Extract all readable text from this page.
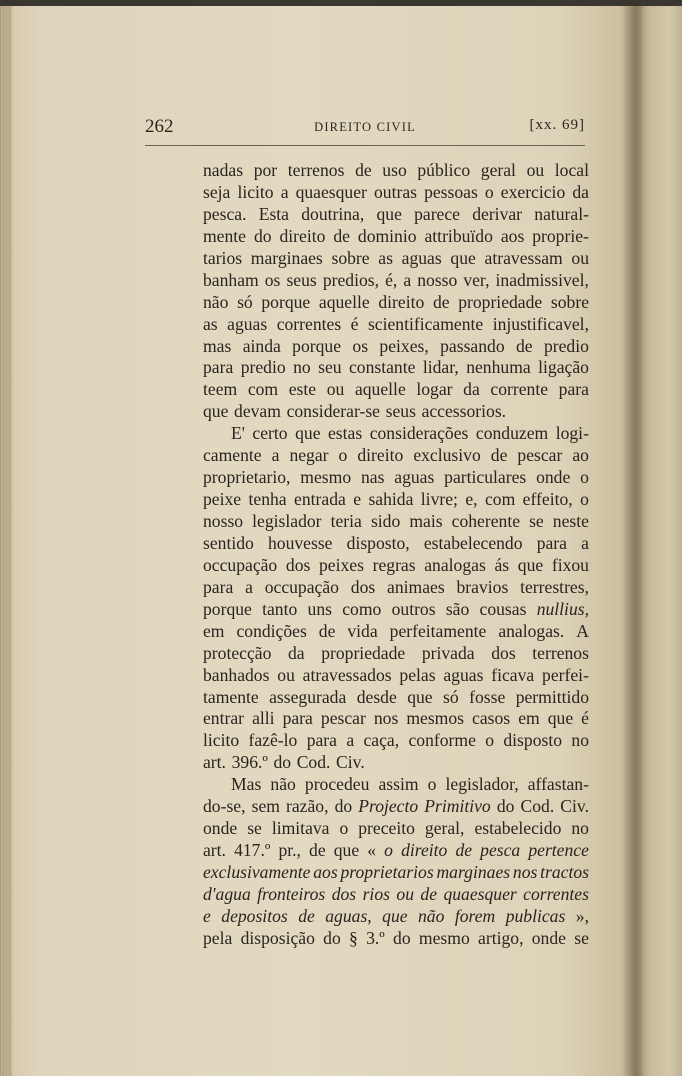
262	DIREITO CIVIL	[xx. 69]
nadas por terrenos de uso público geral ou local
seja licito a quaesquer outras pessoas o exercicio da
pesca. Esta doutrina, que parece derivar natural-
mente do direito de dominio attribuïdo aos proprie-
tarios marginaes sobre as aguas que atravessam ou
banham os seus predios, é, a nosso ver, inadmissivel,
não só porque aquelle direito de propriedade sobre
as aguas correntes é scientificamente injustificavel,
mas ainda porque os peixes, passando de predio
para predio no seu constante lidar, nenhuma ligação
teem com este ou aquelle logar da corrente para
que devam considerar-se seus accessorios.
E' certo que estas considerações conduzem logi-
camente a negar o direito exclusivo de pescar ao
proprietario, mesmo nas aguas particulares onde o
peixe tenha entrada e sahida livre; e, com effeito, o
nosso legislador teria sido mais coherente se neste
sentido houvesse disposto, estabelecendo para a
occupação dos peixes regras analogas ás que fixou
para a occupação dos animaes bravios terrestres,
porque tanto uns como outros são cousas nullius,
em condições de vida perfeitamente analogas. A
protecção da propriedade privada dos terrenos
banhados ou atravessados pelas aguas ficava perfei-
tamente assegurada desde que só fosse permittido
entrar alli para pescar nos mesmos casos em que é
licito fazê-lo para a caça, conforme o disposto no
art. 396.º do Cod. Civ.
Mas não procedeu assim o legislador, affastan-
do-se, sem razão, do Projecto Primitivo do Cod. Civ.
onde se limitava o preceito geral, estabelecido no
art. 417.º pr., de que « o direito de pesca pertence
exclusivamente aos proprietarios marginaes nos tractos
d'agua fronteiros dos rios ou de quaesquer correntes
e depositos de aguas, que não forem publicas »,
pela disposição do § 3.º do mesmo artigo, onde se
